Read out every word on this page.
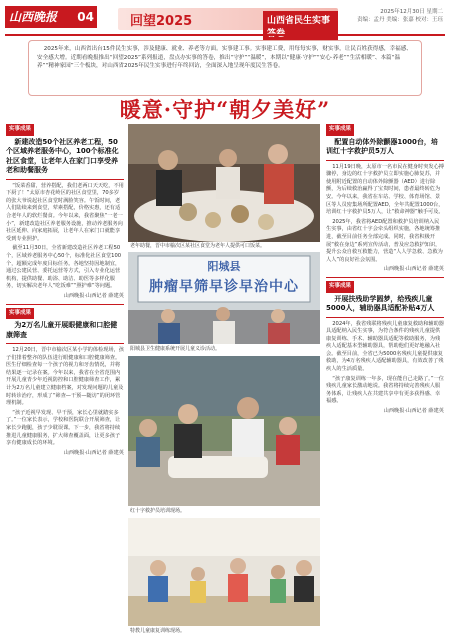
山西晚报 04	回望2025	山西省民生实事
2025年12月30日 星期二
责编：孟丹 美编：张嘉 校对：王珏
2025年来，山西省出台15件民生实事，涉及健康、就业、养老等方面。实事建工事。实事建工费，用每每实事，财实事，让民百姓获得感，幸福感、安全感大增。近期看晚报推出“回望2025”系列报道，盘点办实事的答卷，推出“守护”“温暖”，本期以“健康·守护”“安心·养老”“生活相暖”、本篇“温养”“精神家园”三个板块，对山西省2025年民生实事进行年终回访，全面深入地呈现年度民生答卷。
暖意·守护“朝夕美好”
实事成果

新建改造50个社区养老工程，50个区域养老服务中心，100个标准化社区食堂，让老年人在家门口享受养老和助餐服务

“饭菜香甜，营养搭配，我们老两口天天吃，不用下厨了！”太原市杏花岭区的社区食堂里，70多岁的张大爷说起社区食堂时满脸笑容。午饭时间，老人们陆续来到食堂，荤素搭配，价格实惠，还有适合老年人的软烂餐食。今年以来，我省聚焦“一老一小”，新建改造社区养老服务设施，推动养老服务向社区延伸、向家庭拓展，让老年人在家门口就能享受到专业照护。

截至11月30日，全省新建改造社区养老工程50个，区域养老服务中心50个，标准化社区食堂100个，超额完成年度目标任务。各地坚持因地制宜，通过公建民营、委托运营等方式，引入专业化运营机构，提供助餐、助浴、助洁、助医等多样化服务，切实解决老年人“吃饭难”“照护难”等问题。

山西晚报·山西记者 薛建英
实事成果

为2万名儿童开展眼健康和口腔健康筛查

12月20日，晋中市榆次区某小学的体检现场，孩子们排着整齐的队伍进行眼健康和口腔健康筛查。医生仔细检查每一个孩子的视力和牙齿情况，并将结果逐一记录在案。今年以来，我省在全省范围内开展儿童青少年近视防控和口腔健康筛查工作，累计为2万名儿童建立健康档案，对发现问题的儿童及时转诊治疗，形成了“筛查—干预—随访”的闭环管理机制。

“孩子近视早发现、早干预，家长心里就踏实多了。”一位家长表示，学校和医院联合开展筛查，让家长少跑腿，孩子少耽误课。下一步，我省将持续推进儿童健康服务，扩大筛查覆盖面，让更多孩子享有健康成长的环境。

山西晚报·山西记者 薛建英
老年助餐，晋中市榆次区某社区食堂为老年人提供可口饭菜。
阳城县
肿瘤早筛早诊早治中心
阳城县卫生健康系统开展儿童义诊活动。
红十字救护员培训现场。
特教儿童康复训练现场。
实事成果

配置自动体外除颤器1000台，培训红十字救护员5万人

11月19日晚，太原市一名市民在健身时突发心搏骤停，身边的红十字救护员立即实施心肺复苏，并使用附近配置的自动体外除颤器（AED）进行除颤，为后续救治赢得了宝贵时间，患者最终转危为安。今年以来，我省在车站、学校、体育场馆、景区等人员密集场所配置AED，全年共配置1000台，培训红十字救护员5万人，让“救命神器”触手可及。

2025年，我省将AED配置和救护员培训纳入民生实事，由省红十字会牵头组织实施，各地统筹推进，截至目前任务全部完成。同时，我省积极开展“救在身边”系列宣传活动，普及应急救护知识，提升公众自救互救能力，营造“人人学急救、急救为人人”的良好社会氛围。

山西晚报·山西记者 薛建英
实事成果

开展扶残助学圆梦，给残疾儿童5000人，辅助器具适配补贴4万人

2024年，我省残联将残疾儿童康复救助和辅助器具适配纳入民生实事，为符合条件的残疾儿童提供康复训练、手术、辅助器具适配等救助服务，为残疾人适配基本型辅助器具，帮助他们更好地融入社会。截至目前，全省已为5000名残疾儿童提供康复救助，为4万名残疾人适配辅助器具，有效改善了残疾人的生活质量。

“孩子康复训练一年多，现在能自己走路了。”一位残疾儿童家长激动地说。我省将持续完善残疾人服务体系，让残疾人在共建共享中有更多获得感、幸福感。

山西晚报·山西记者 薛建英
